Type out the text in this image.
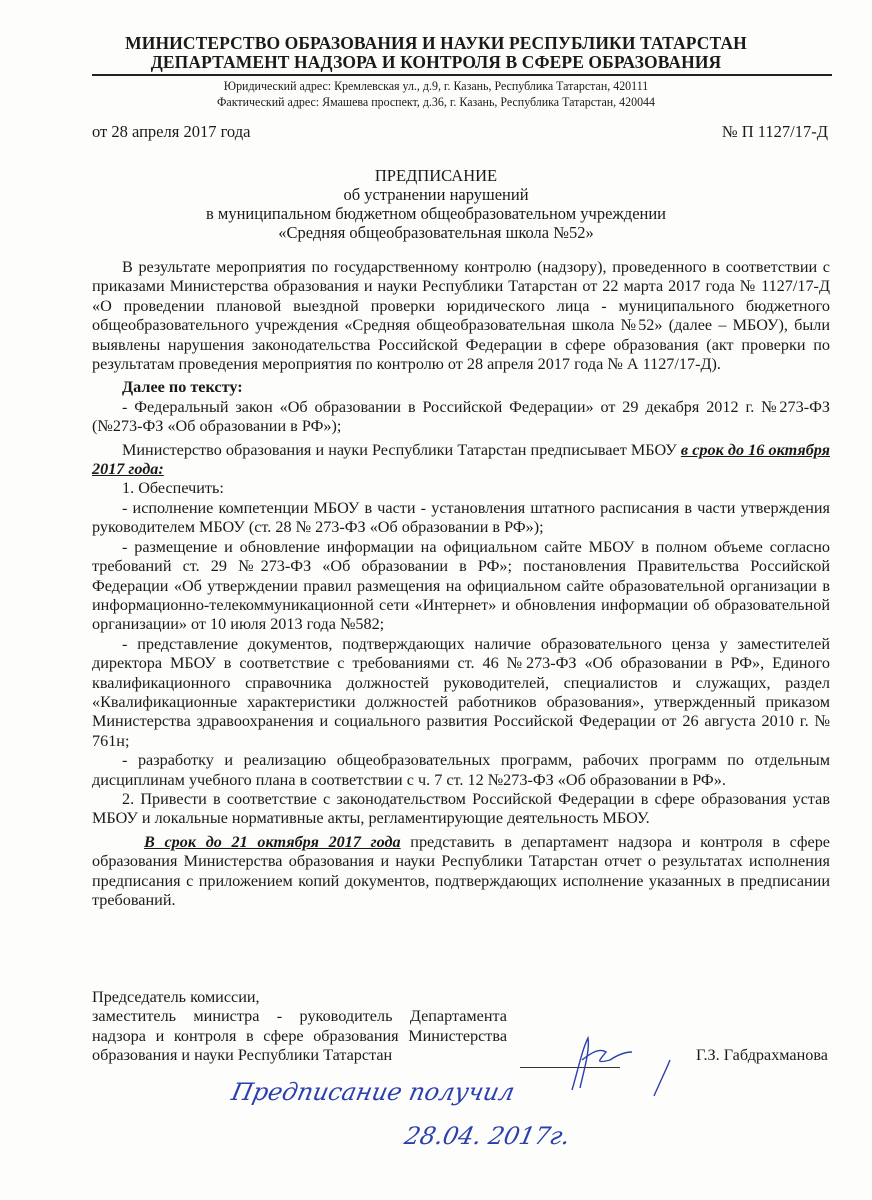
МИНИСТЕРСТВО ОБРАЗОВАНИЯ И НАУКИ РЕСПУБЛИКИ ТАТАРСТАН
ДЕПАРТАМЕНТ НАДЗОРА И КОНТРОЛЯ В СФЕРЕ ОБРАЗОВАНИЯ
Юридический адрес: Кремлевская ул., д.9, г. Казань, Республика Татарстан, 420111
Фактический адрес: Ямашева проспект, д.36, г. Казань, Республика Татарстан, 420044
от 28 апреля 2017 года	№ П 1127/17-Д
ПРЕДПИСАНИЕ
об устранении нарушений
в муниципальном бюджетном общеобразовательном учреждении
«Средняя общеобразовательная школа №52»

В результате мероприятия по государственному контролю (надзору), проведенного в соответствии с приказами Министерства образования и науки Республики Татарстан от 22 марта 2017 года № 1127/17-Д «О проведении плановой выездной проверки юридического лица - муниципального бюджетного общеобразовательного учреждения «Средняя общеобразовательная школа №52» (далее – МБОУ), были выявлены нарушения законодательства Российской Федерации в сфере образования (акт проверки по результатам проведения мероприятия по контролю от 28 апреля 2017 года № А 1127/17-Д).

Далее по тексту:

- Федеральный закон «Об образовании в Российской Федерации» от 29 декабря 2012 г. №273-ФЗ (№273-ФЗ «Об образовании в РФ»);

Министерство образования и науки Республики Татарстан предписывает МБОУ в срок до 16 октября 2017 года:

1. Обеспечить:

- исполнение компетенции МБОУ в части - установления штатного расписания в части утверждения руководителем МБОУ (ст. 28 № 273-ФЗ «Об образовании в РФ»);

- размещение и обновление информации на официальном сайте МБОУ в полном объеме согласно требований ст. 29 №273-ФЗ «Об образовании в РФ»; постановления Правительства Российской Федерации «Об утверждении правил размещения на официальном сайте образовательной организации в информационно-телекоммуникационной сети «Интернет» и обновления информации об образовательной организации» от 10 июля 2013 года №582;

- представление документов, подтверждающих наличие образовательного ценза у заместителей директора МБОУ в соответствие с требованиями ст. 46 №273-ФЗ «Об образовании в РФ», Единого квалификационного справочника должностей руководителей, специалистов и служащих, раздел «Квалификационные характеристики должностей работников образования», утвержденный приказом Министерства здравоохранения и социального развития Российской Федерации от 26 августа 2010 г. № 761н;

- разработку и реализацию общеобразовательных программ, рабочих программ по отдельным дисциплинам учебного плана в соответствии с ч. 7 ст. 12 №273-ФЗ «Об образовании в РФ».

2. Привести в соответствие с законодательством Российской Федерации в сфере образования устав МБОУ и локальные нормативные акты, регламентирующие деятельность МБОУ.

В срок до 21 октября 2017 года представить в департамент надзора и контроля в сфере образования Министерства образования и науки Республики Татарстан отчет о результатах исполнения предписания с приложением копий документов, подтверждающих исполнение указанных в предписании требований.

Председатель комиссии,
заместитель министра - руководитель Департамента
надзора и контроля в сфере образования Министерства
образования и науки Республики Татарстан	Г.З. Габдрахманова
Предписание получил
28.04. 2017г.
